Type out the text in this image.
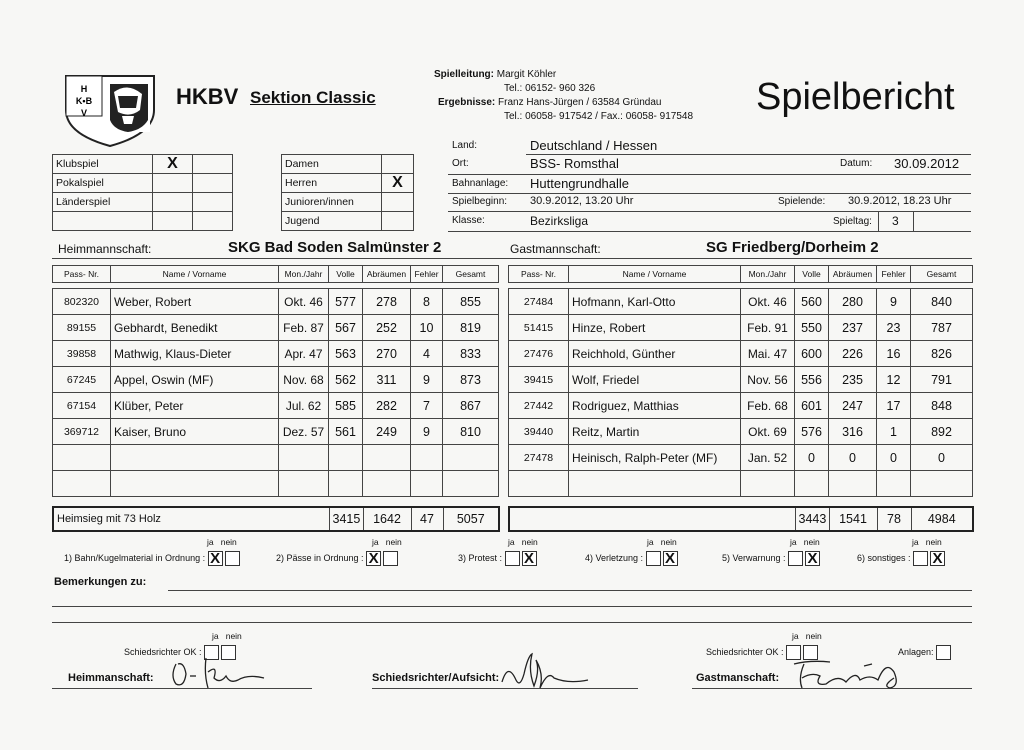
H
K•B
V
HKBV Sektion Classic
Spielleitung: Margit Köhler
Tel.: 06152- 960 326
Ergebnisse: Franz Hans-Jürgen / 63584 Gründau
Tel.: 06058- 917542 / Fax.: 06058- 917548	Spielbericht
Klubspiel	X	
Pokalspiel		
Länderspiel		

Damen	
Herren	X
Junioren/innen	
Jugend	
Land:	Deutschland / Hessen
Ort:	BSS- Romsthal	Datum: 30.09.2012
Bahnanlage: Huttengrundhalle
Spielbeginn: 30.9.2012, 13.20 Uhr	Spielende: 30.9.2012, 18.23 Uhr
Klasse:	Bezirksliga	Spieltag: 3
Heimmannschaft:	SKG Bad Soden Salmünster 2	Gastmannschaft:	SG Friedberg/Dorheim 2
Pass- Nr.	Name / Vorname	Mon./Jahr	Volle	Abräumen	Fehler	Gesamt

802320	Weber, Robert	Okt. 46	577	278	8	855
89155	Gebhardt, Benedikt	Feb. 87	567	252	10	819
39858	Mathwig, Klaus-Dieter	Apr. 47	563	270	4	833
67245	Appel, Oswin (MF)	Nov. 68	562	311	9	873
67154	Klüber, Peter	Jul. 62	585	282	7	867
369712	Kaiser, Bruno	Dez. 57	561	249	9	810

Pass- Nr.	Name / Vorname	Mon./Jahr	Volle	Abräumen	Fehler	Gesamt

27484	Hofmann, Karl-Otto	Okt. 46	560	280	9	840
51415	Hinze, Robert	Feb. 91	550	237	23	787
27476	Reichhold, Günther	Mai. 47	600	226	16	826
39415	Wolf, Friedel	Nov. 56	556	235	12	791
27442	Rodriguez, Matthias	Feb. 68	601	247	17	848
39440	Reitz, Martin	Okt. 69	576	316	1	892
27478	Heinisch, Ralph-Peter (MF)	Jan. 52	0	0	0	0

Heimsieg mit 73 Holz	3415	1642	47	5057
		3443	1541	78	4984
ja nein
1) Bahn/Kugelmaterial in Ordnung : X
ja nein
2) Pässe in Ordnung : X
ja nein
3) Protest : X
ja nein
4) Verletzung : X
ja nein
5) Verwarnung : X
ja nein
6) sonstiges : X
Bemerkungen zu:
ja nein
Schiedsrichter OK :
ja nein
Schiedsrichter OK :	Anlagen:
Heimmanschaft:	Schiedsrichter/Aufsicht:	Gastmanschaft:
